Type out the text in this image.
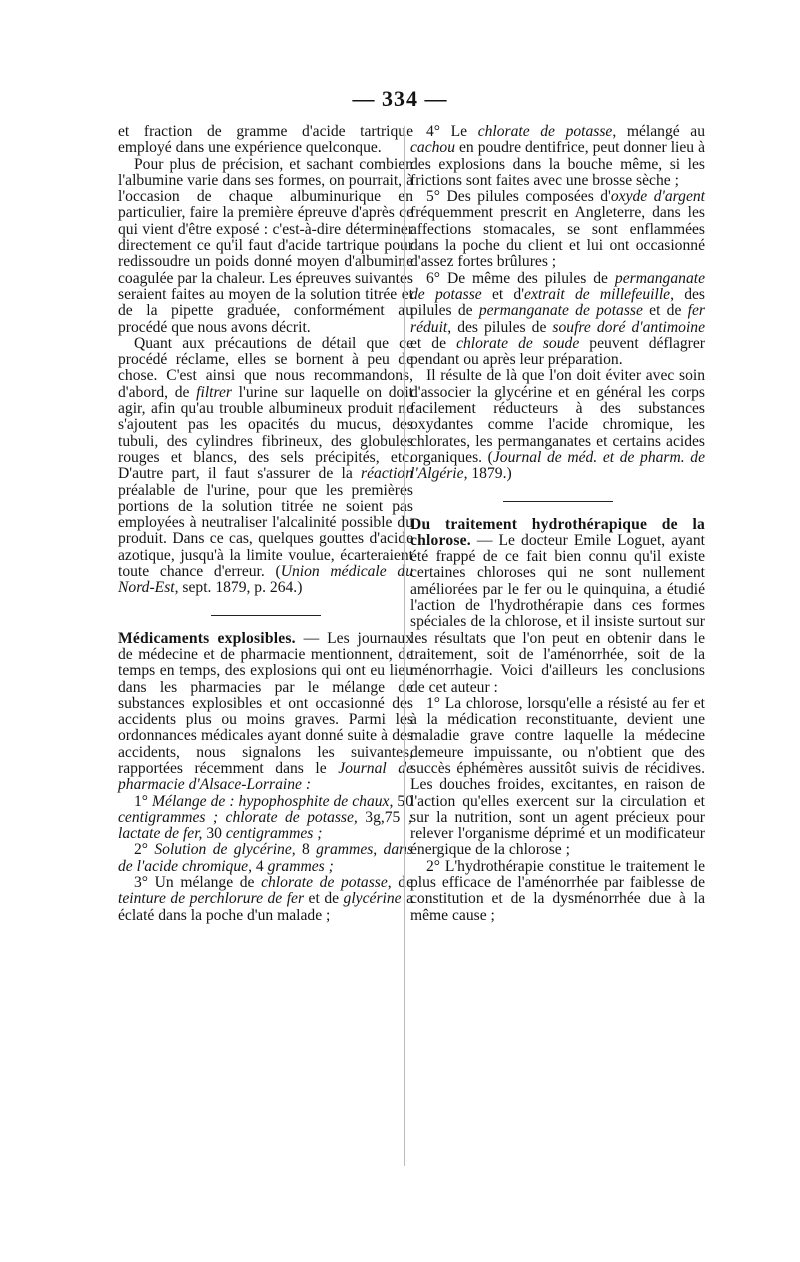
— 334 —

et fraction de gramme d'acide tartrique employé dans une expérience quelconque.

Pour plus de précision, et sachant combien l'albumine varie dans ses formes, on pourrait, à l'occasion de chaque albuminurique en particulier, faire la première épreuve d'après ce qui vient d'être exposé : c'est-à-dire déterminer directement ce qu'il faut d'acide tartrique pour redissoudre un poids donné moyen d'albumine coagulée par la chaleur. Les épreuves suivantes seraient faites au moyen de la solution titrée et de la pipette graduée, conformément au procédé que nous avons décrit.

Quant aux précautions de détail que ce procédé réclame, elles se bornent à peu de chose. C'est ainsi que nous recommandons, d'abord, de filtrer l'urine sur laquelle on doit agir, afin qu'au trouble albumineux produit ne s'ajoutent pas les opacités du mucus, des tubuli, des cylindres fibrineux, des globules rouges et blancs, des sels précipités, etc. D'autre part, il faut s'assurer de la réaction préalable de l'urine, pour que les premières portions de la solution titrée ne soient pas employées à neutraliser l'alcalinité possible du produit. Dans ce cas, quelques gouttes d'acide azotique, jusqu'à la limite voulue, écarteraient toute chance d'erreur. (Union médicale du Nord-Est, sept. 1879, p. 264.)

Médicaments explosibles. — Les journaux de médecine et de pharmacie mentionnent, de temps en temps, des explosions qui ont eu lieu dans les pharmacies par le mélange de substances explosibles et ont occasionné des accidents plus ou moins graves. Parmi les ordonnances médicales ayant donné suite à des accidents, nous signalons les suivantes, rapportées récemment dans le Journal de pharmacie d'Alsace-Lorraine :

1° Mélange de : hypophosphite de chaux, 50 centigrammes ; chlorate de potasse, 3g,75 ; lactate de fer, 30 centigrammes ;

2° Solution de glycérine, 8 grammes, dans de l'acide chromique, 4 grammes ;

3° Un mélange de chlorate de potasse, de teinture de perchlorure de fer et de glycérine a éclaté dans la poche d'un malade ;

4° Le chlorate de potasse, mélangé au cachou en poudre dentifrice, peut donner lieu à des explosions dans la bouche même, si les frictions sont faites avec une brosse sèche ;

5° Des pilules composées d'oxyde d'argent fréquemment prescrit en Angleterre, dans les affections stomacales, se sont enflammées dans la poche du client et lui ont occasionné d'assez fortes brûlures ;

6° De même des pilules de permanganate de potasse et d'extrait de millefeuille, des pilules de permanganate de potasse et de fer réduit, des pilules de soufre doré d'antimoine et de chlorate de soude peuvent déflagrer pendant ou après leur préparation.

Il résulte de là que l'on doit éviter avec soin d'associer la glycérine et en général les corps facilement réducteurs à des substances oxydantes comme l'acide chromique, les chlorates, les permanganates et certains acides organiques. (Journal de méd. et de pharm. de l'Algérie, 1879.)

Du traitement hydrothérapique de la chlorose. — Le docteur Emile Loguet, ayant été frappé de ce fait bien connu qu'il existe certaines chloroses qui ne sont nullement améliorées par le fer ou le quinquina, a étudié l'action de l'hydrothérapie dans ces formes spéciales de la chlorose, et il insiste surtout sur les résultats que l'on peut en obtenir dans le traitement, soit de l'aménorrhée, soit de la ménorrhagie. Voici d'ailleurs les conclusions de cet auteur :

1° La chlorose, lorsqu'elle a résisté au fer et à la médication reconstituante, devient une maladie grave contre laquelle la médecine demeure impuissante, ou n'obtient que des succès éphémères aussitôt suivis de récidives. Les douches froides, excitantes, en raison de l'action qu'elles exercent sur la circulation et sur la nutrition, sont un agent précieux pour relever l'organisme déprimé et un modificateur énergique de la chlorose ;

2° L'hydrothérapie constitue le traitement le plus efficace de l'aménorrhée par faiblesse de constitution et de la dysménorrhée due à la même cause ;
